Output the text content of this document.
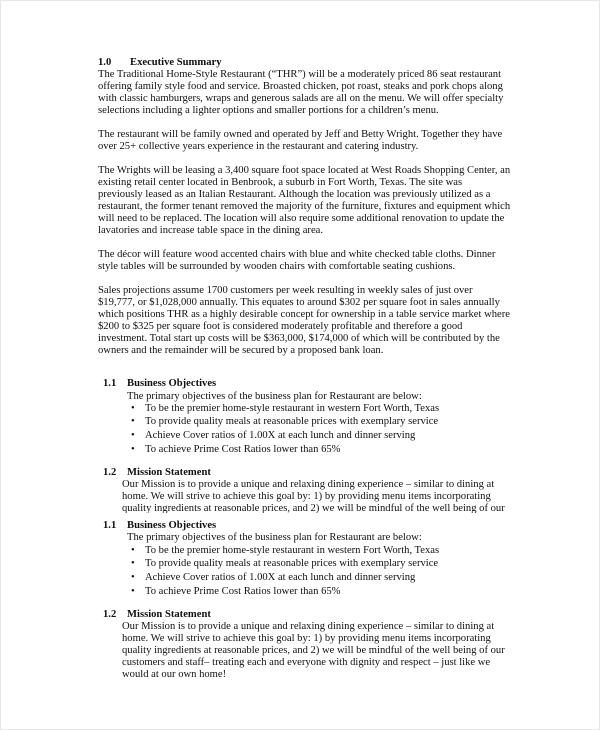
1.0 Executive Summary
The Traditional Home-Style Restaurant (“THR”) will be a moderately priced 86 seat restaurant
offering family style food and service. Broasted chicken, pot roast, steaks and pork chops along
with classic hamburgers, wraps and generous salads are all on the menu. We will offer specialty
selections including a lighter options and smaller portions for a children’s menu.
The restaurant will be family owned and operated by Jeff and Betty Wright. Together they have
over 25+ collective years experience in the restaurant and catering industry.
The Wrights will be leasing a 3,400 square foot space located at West Roads Shopping Center, an
existing retail center located in Benbrook, a suburb in Fort Worth, Texas. The site was
previously leased as an Italian Restaurant. Although the location was previously utilized as a
restaurant, the former tenant removed the majority of the furniture, fixtures and equipment which
will need to be replaced. The location will also require some additional renovation to update the
lavatories and increase table space in the dining area.
The décor will feature wood accented chairs with blue and white checked table cloths. Dinner
style tables will be surrounded by wooden chairs with comfortable seating cushions.
Sales projections assume 1700 customers per week resulting in weekly sales of just over
$19,777, or $1,028,000 annually. This equates to around $302 per square foot in sales annually
which positions THR as a highly desirable concept for ownership in a table service market where
$200 to $325 per square foot is considered moderately profitable and therefore a good
investment. Total start up costs will be $363,000, $174,000 of which will be contributed by the
owners and the remainder will be secured by a proposed bank loan.
1.1 Business Objectives
The primary objectives of the business plan for Restaurant are below:
• To be the premier home-style restaurant in western Fort Worth, Texas
• To provide quality meals at reasonable prices with exemplary service
• Achieve Cover ratios of 1.00X at each lunch and dinner serving
• To achieve Prime Cost Ratios lower than 65%
1.2 Mission Statement
Our Mission is to provide a unique and relaxing dining experience – similar to dining at
home. We will strive to achieve this goal by: 1) by providing menu items incorporating
quality ingredients at reasonable prices, and 2) we will be mindful of the well being of our
1.1 Business Objectives
The primary objectives of the business plan for Restaurant are below:
• To be the premier home-style restaurant in western Fort Worth, Texas
• To provide quality meals at reasonable prices with exemplary service
• Achieve Cover ratios of 1.00X at each lunch and dinner serving
• To achieve Prime Cost Ratios lower than 65%
1.2 Mission Statement
Our Mission is to provide a unique and relaxing dining experience – similar to dining at
home. We will strive to achieve this goal by: 1) by providing menu items incorporating
quality ingredients at reasonable prices, and 2) we will be mindful of the well being of our
customers and staff– treating each and everyone with dignity and respect – just like we
would at our own home!
